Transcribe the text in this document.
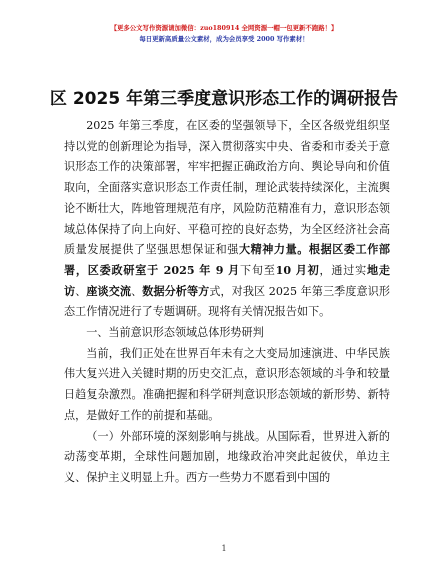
【更多公文写作资源请加微信：zuo180914 全网资源一帽一包更新不跑路！】
每日更新高质量公文素材，成为会员享受 2000 写作素材！
区 2025 年第三季度意识形态工作的调研报告

2025 年第三季度，在区委的坚强领导下，全区各级党组织坚持以党的创新理论为指导，深入贯彻落实中央、省委和市委关于意识形态工作的决策部署，牢牢把握正确政治方向、舆论导向和价值取向，全面落实意识形态工作责任制，理论武装持续深化，主流舆论不断壮大，阵地管理规范有序，风险防范精准有力，意识形态领域总体保持了向上向好、平稳可控的良好态势，为全区经济社会高质量发展提供了坚强思想保证和强大精神力量。根据区委工作部署，区委政研室于 2025 年 9 月下旬至10 月初，通过实地走访、座谈交流、数据分析等方式，对我区 2025 年第三季度意识形态工作情况进行了专题调研。现将有关情况报告如下。

一、当前意识形态领域总体形势研判

当前，我们正处在世界百年未有之大变局加速演进、中华民族伟大复兴进入关键时期的历史交汇点，意识形态领域的斗争和较量日趋复杂激烈。准确把握和科学研判意识形态领域的新形势、新特点，是做好工作的前提和基础。

（一）外部环境的深刻影响与挑战。从国际看，世界进入新的动荡变革期，全球性问题加剧，地缘政治冲突此起彼伏，单边主义、保护主义明显上升。西方一些势力不愿看到中国的

1
